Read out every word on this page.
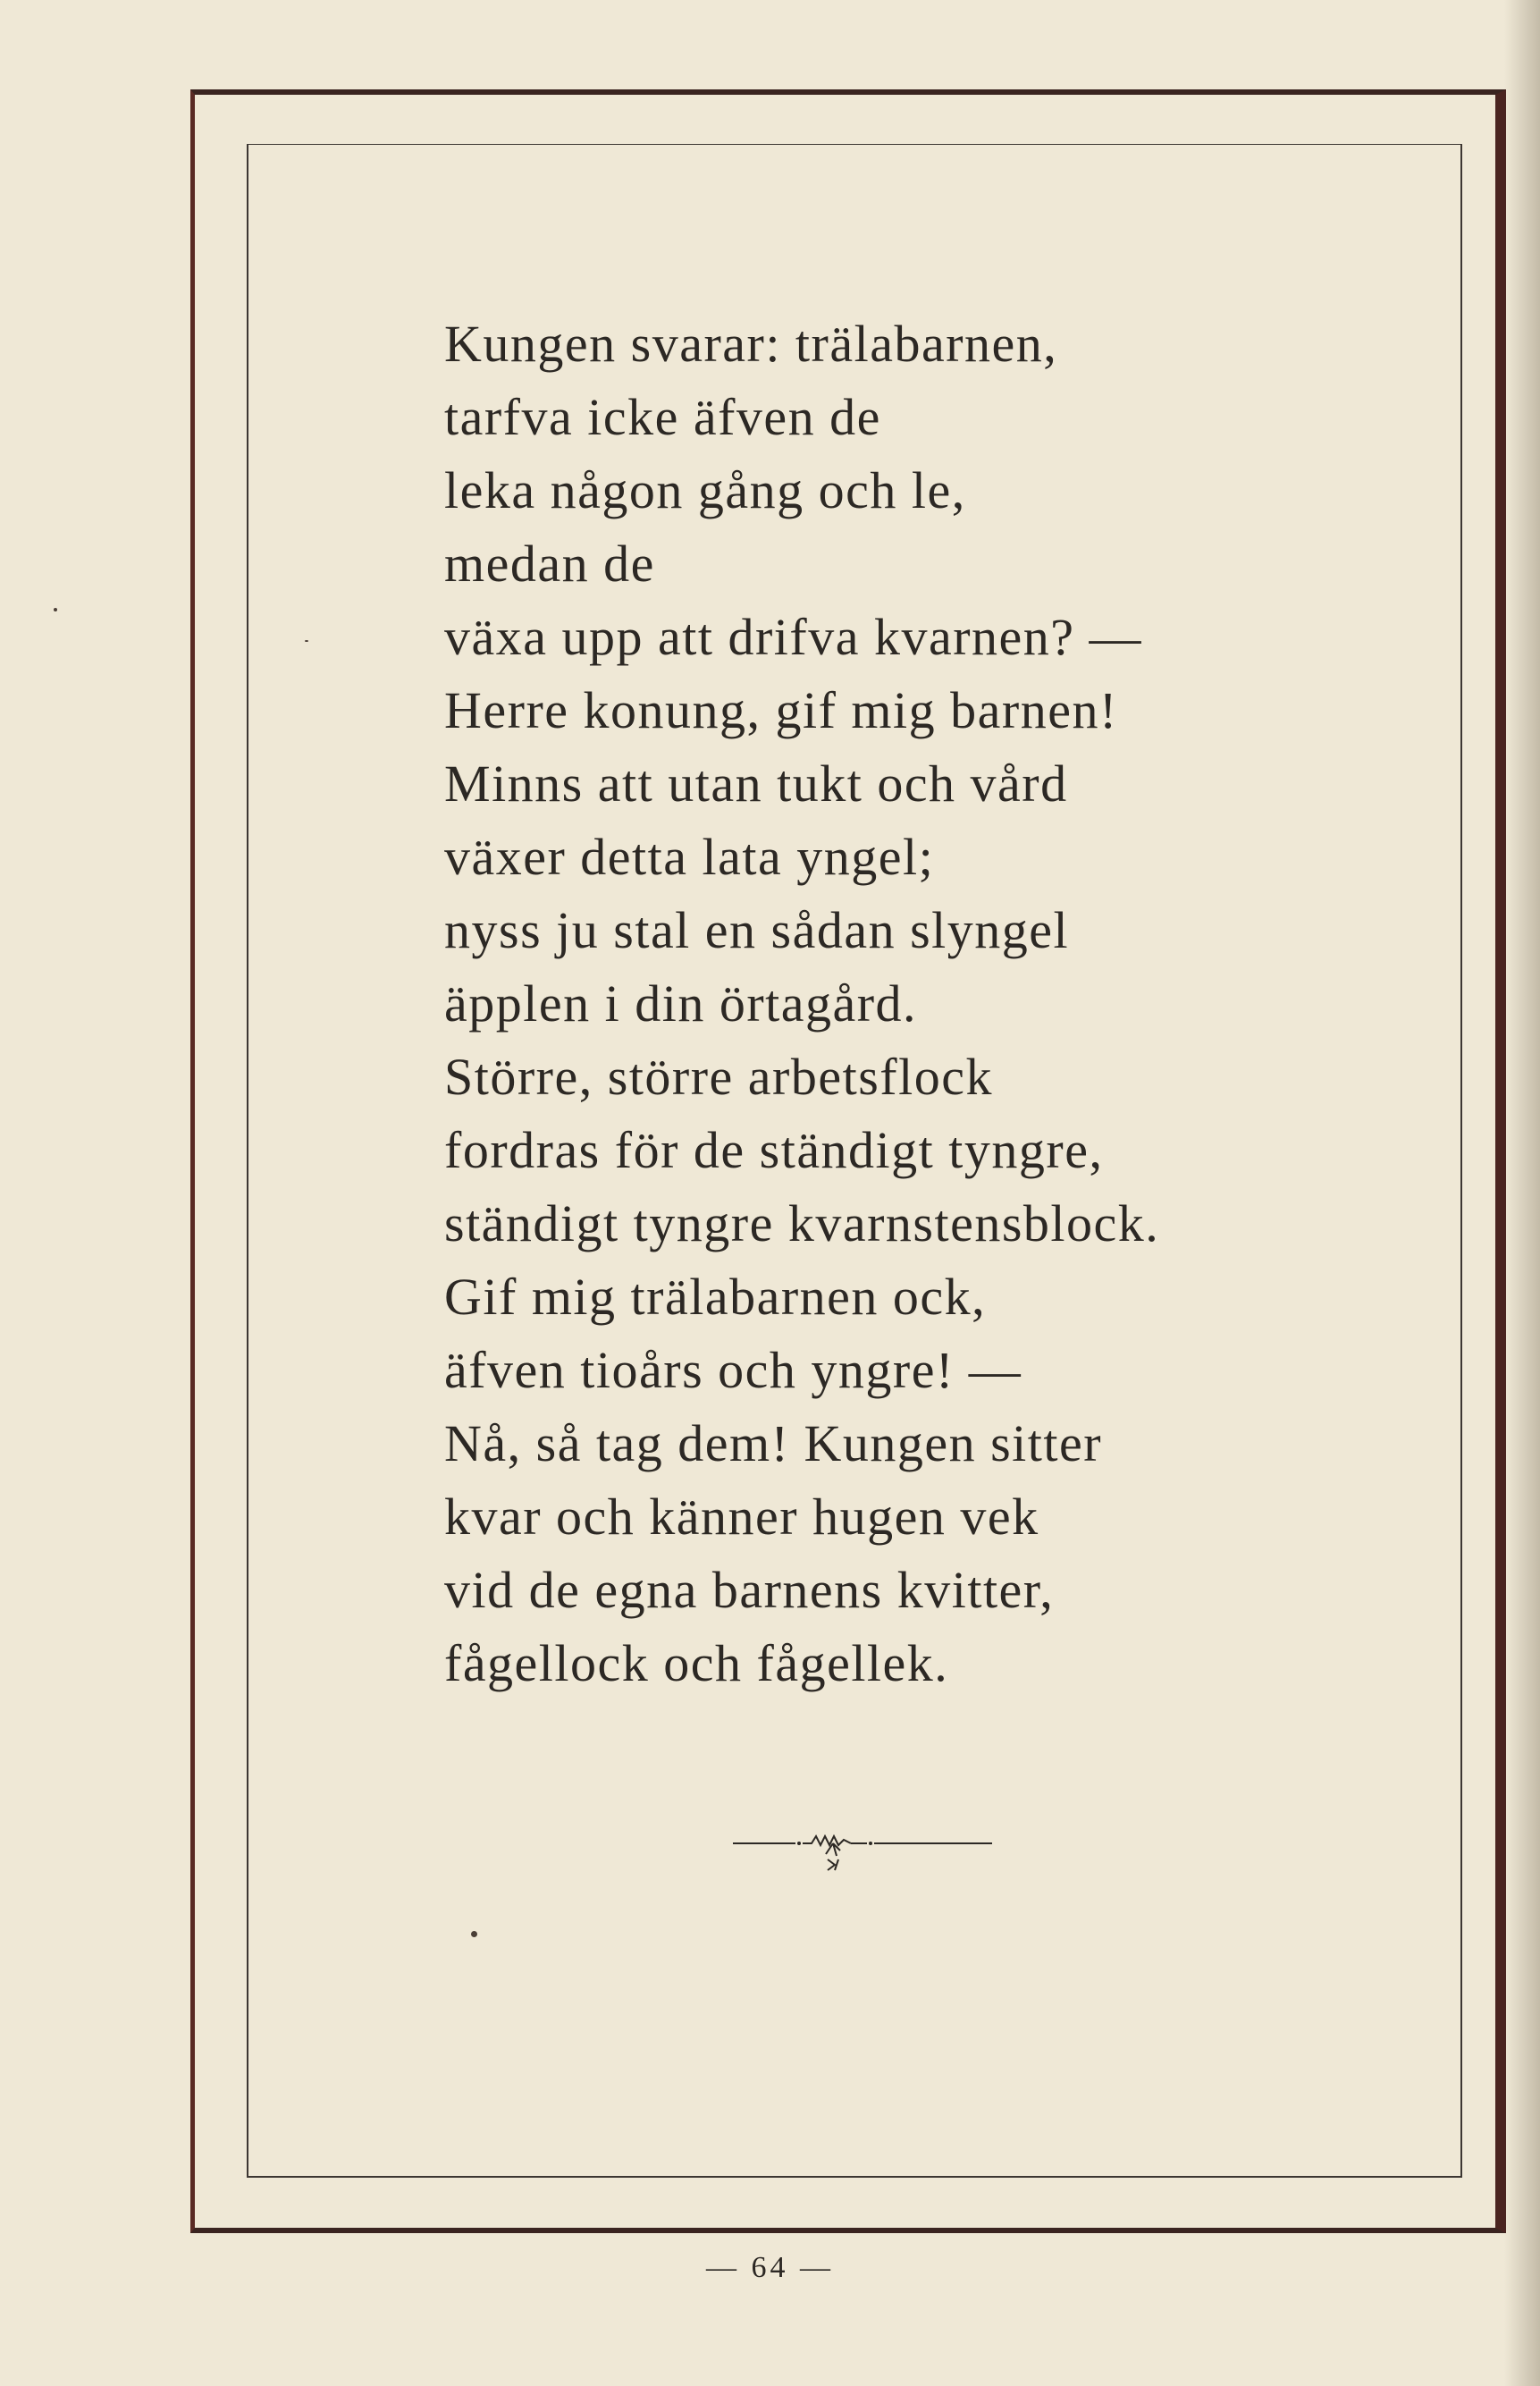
Kungen svarar: trälabarnen,
tarfva icke äfven de
leka någon gång och le,
medan de
växa upp att drifva kvarnen? —
Herre konung, gif mig barnen!
Minns att utan tukt och vård
växer detta lata yngel;
nyss ju stal en sådan slyngel
äpplen i din örtagård.
Större, större arbetsflock
fordras för de ständigt tyngre,
ständigt tyngre kvarnstensblock.
Gif mig trälabarnen ock,
äfven tioårs och yngre! —
Nå, så tag dem! Kungen sitter
kvar och känner hugen vek
vid de egna barnens kvitter,
fågellock och fågellek.
— 64 —
